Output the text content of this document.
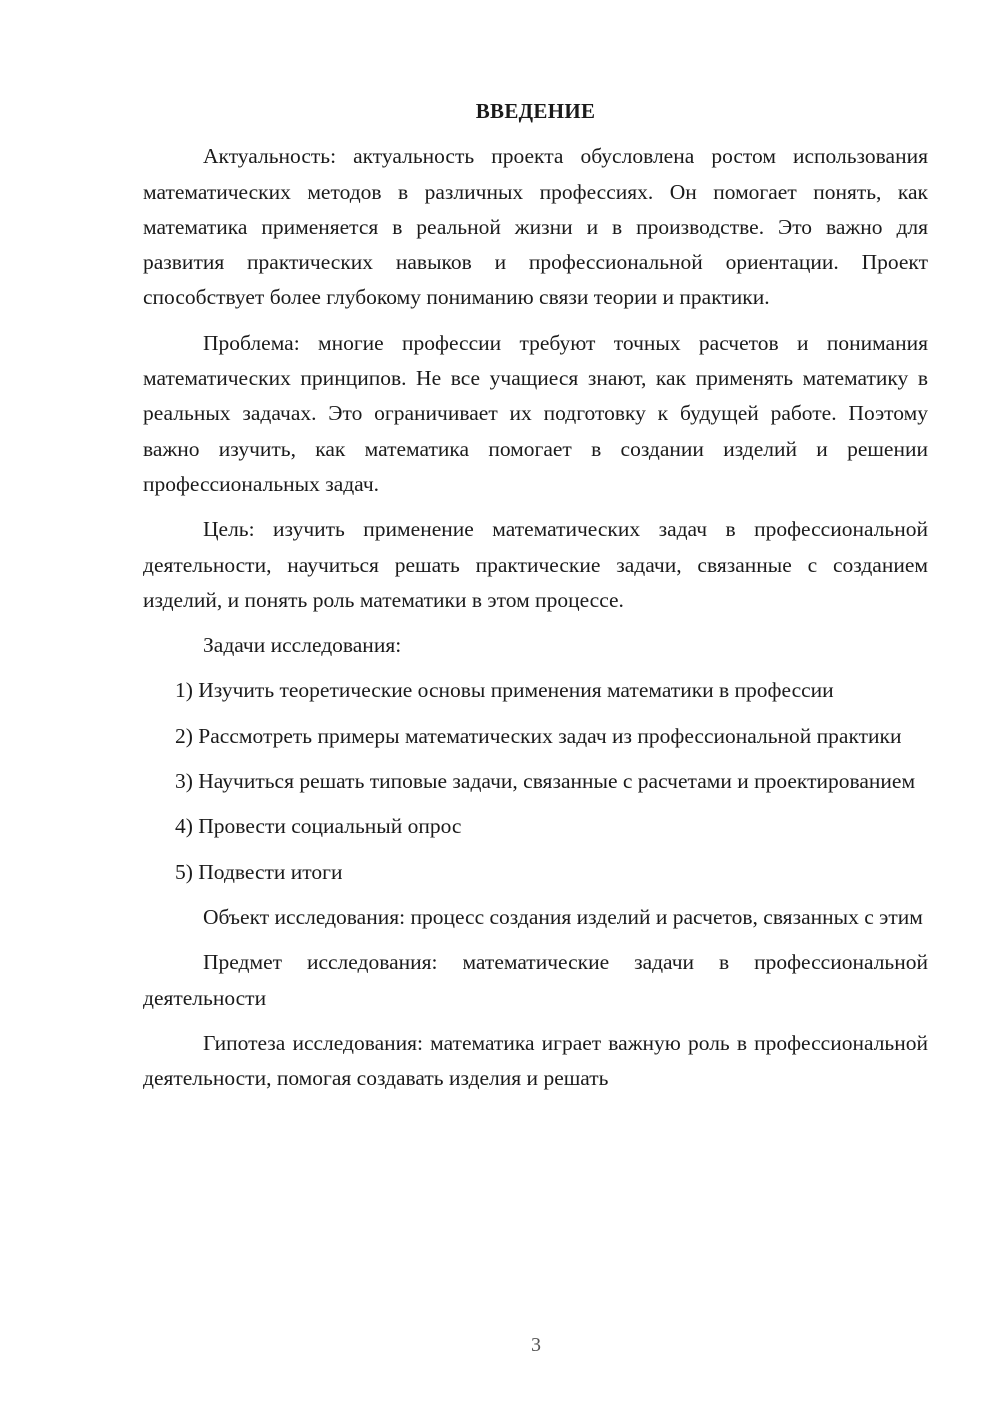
ВВЕДЕНИЕ

Актуальность: актуальность проекта обусловлена ростом использования математических методов в различных профессиях. Он помогает понять, как математика применяется в реальной жизни и в производстве. Это важно для развития практических навыков и профессиональной ориентации. Проект способствует более глубокому пониманию связи теории и практики.

Проблема: многие профессии требуют точных расчетов и понимания математических принципов. Не все учащиеся знают, как применять математику в реальных задачах. Это ограничивает их подготовку к будущей работе. Поэтому важно изучить, как математика помогает в создании изделий и решении профессиональных задач.

Цель: изучить применение математических задач в профессиональной деятельности, научиться решать практические задачи, связанные с созданием изделий, и понять роль математики в этом процессе.

Задачи исследования:

1) Изучить теоретические основы применения математики в профессии

2) Рассмотреть примеры математических задач из профессиональной практики

3) Научиться решать типовые задачи, связанные с расчетами и проектированием

4) Провести социальный опрос

5) Подвести итоги

Объект исследования: процесс создания изделий и расчетов, связанных с этим

Предмет исследования: математические задачи в профессиональной деятельности

Гипотеза исследования: математика играет важную роль в профессиональной деятельности, помогая создавать изделия и решать

3
